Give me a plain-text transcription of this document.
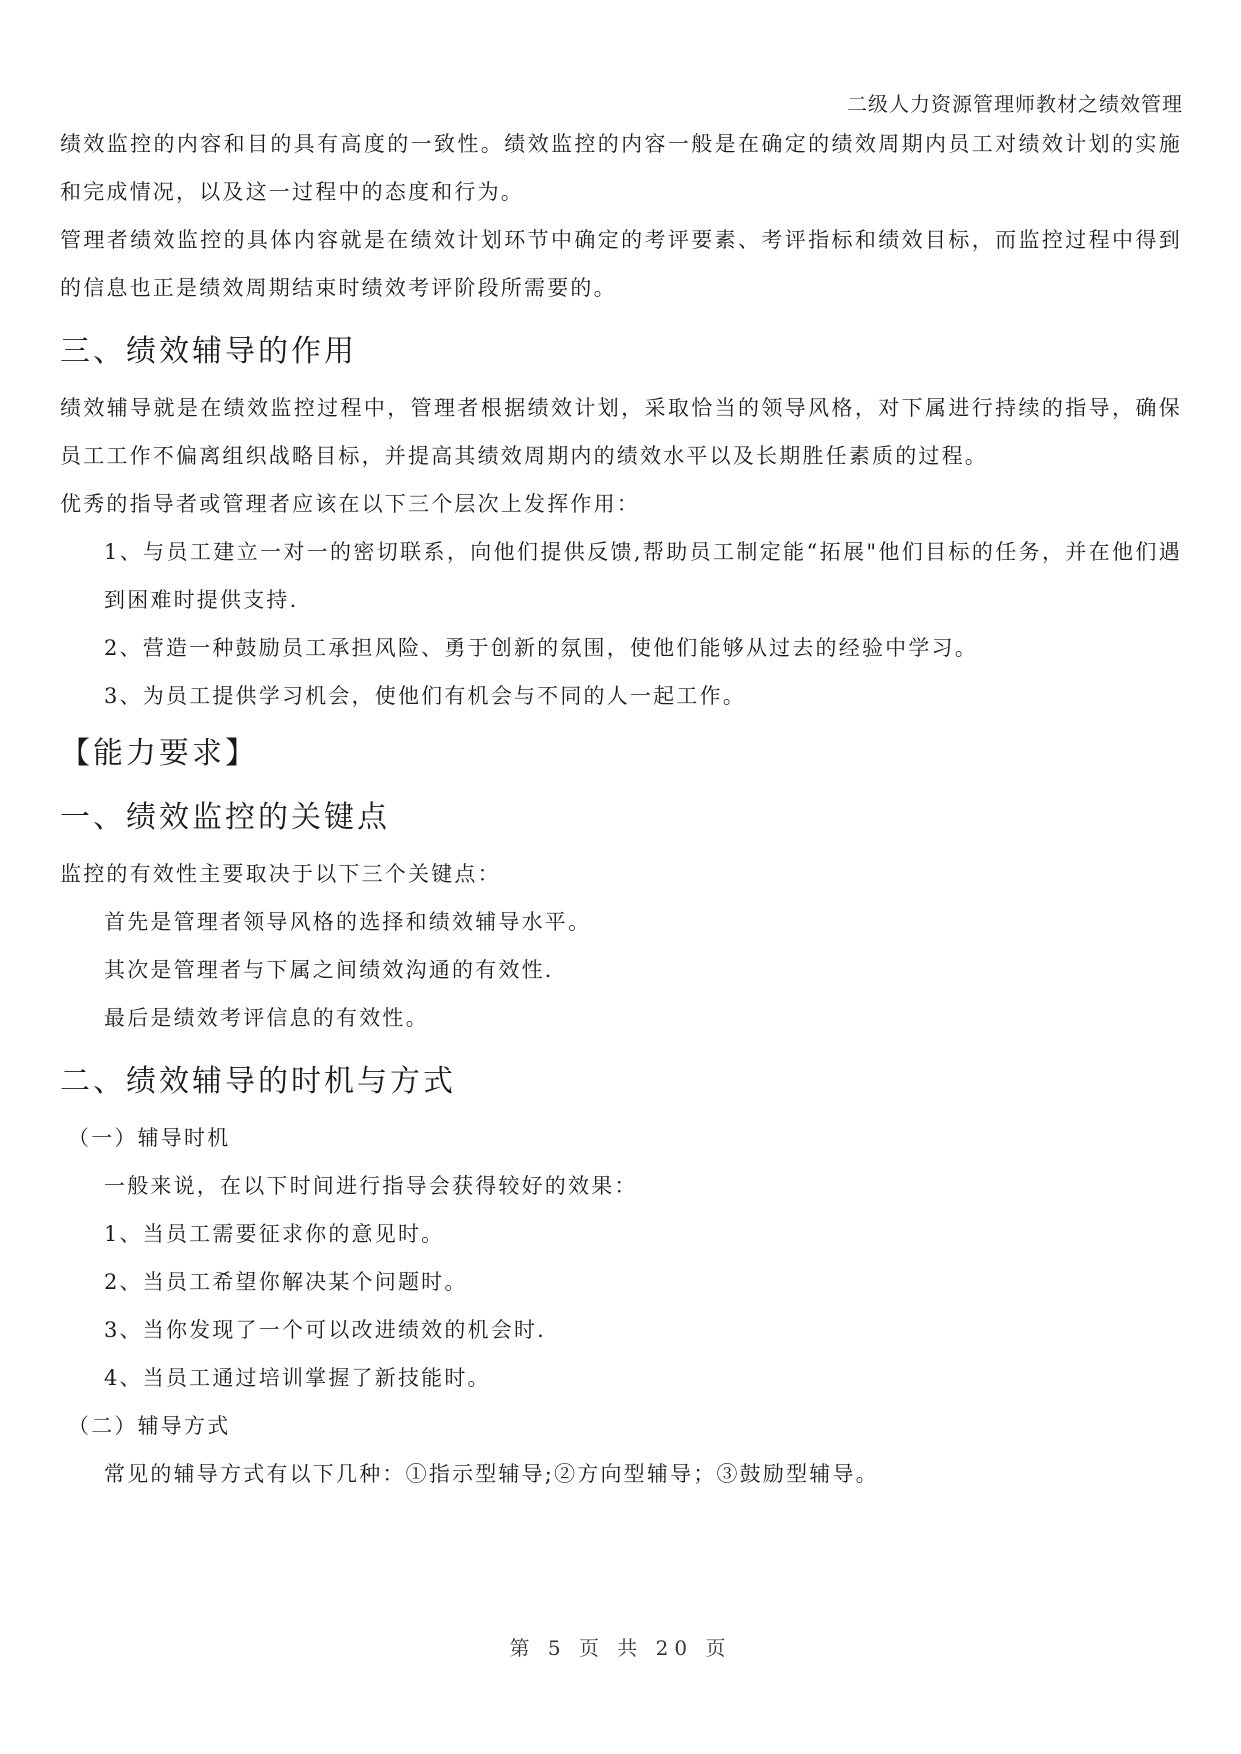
二级人力资源管理师教材之绩效管理

绩效监控的内容和目的具有高度的一致性。绩效监控的内容一般是在确定的绩效周期内员工对绩效计划的实施和完成情况，以及这一过程中的态度和行为。

管理者绩效监控的具体内容就是在绩效计划环节中确定的考评要素、考评指标和绩效目标，而监控过程中得到的信息也正是绩效周期结束时绩效考评阶段所需要的。

三、绩效辅导的作用

绩效辅导就是在绩效监控过程中，管理者根据绩效计划，采取恰当的领导风格，对下属进行持续的指导，确保员工工作不偏离组织战略目标，并提高其绩效周期内的绩效水平以及长期胜任素质的过程。

优秀的指导者或管理者应该在以下三个层次上发挥作用：

1、与员工建立一对一的密切联系，向他们提供反馈,帮助员工制定能“拓展"他们目标的任务，并在他们遇到困难时提供支持.

2、营造一种鼓励员工承担风险、勇于创新的氛围，使他们能够从过去的经验中学习。

3、为员工提供学习机会，使他们有机会与不同的人一起工作。

【能力要求】
一、绩效监控的关键点

监控的有效性主要取决于以下三个关键点：

首先是管理者领导风格的选择和绩效辅导水平。

其次是管理者与下属之间绩效沟通的有效性.

最后是绩效考评信息的有效性。

二、绩效辅导的时机与方式

（一）辅导时机

一般来说，在以下时间进行指导会获得较好的效果：

1、当员工需要征求你的意见时。

2、当员工希望你解决某个问题时。

3、当你发现了一个可以改进绩效的机会时.

4、当员工通过培训掌握了新技能时。

（二）辅导方式

常见的辅导方式有以下几种：①指示型辅导;②方向型辅导；③鼓励型辅导。

第 5 页 共 20 页
